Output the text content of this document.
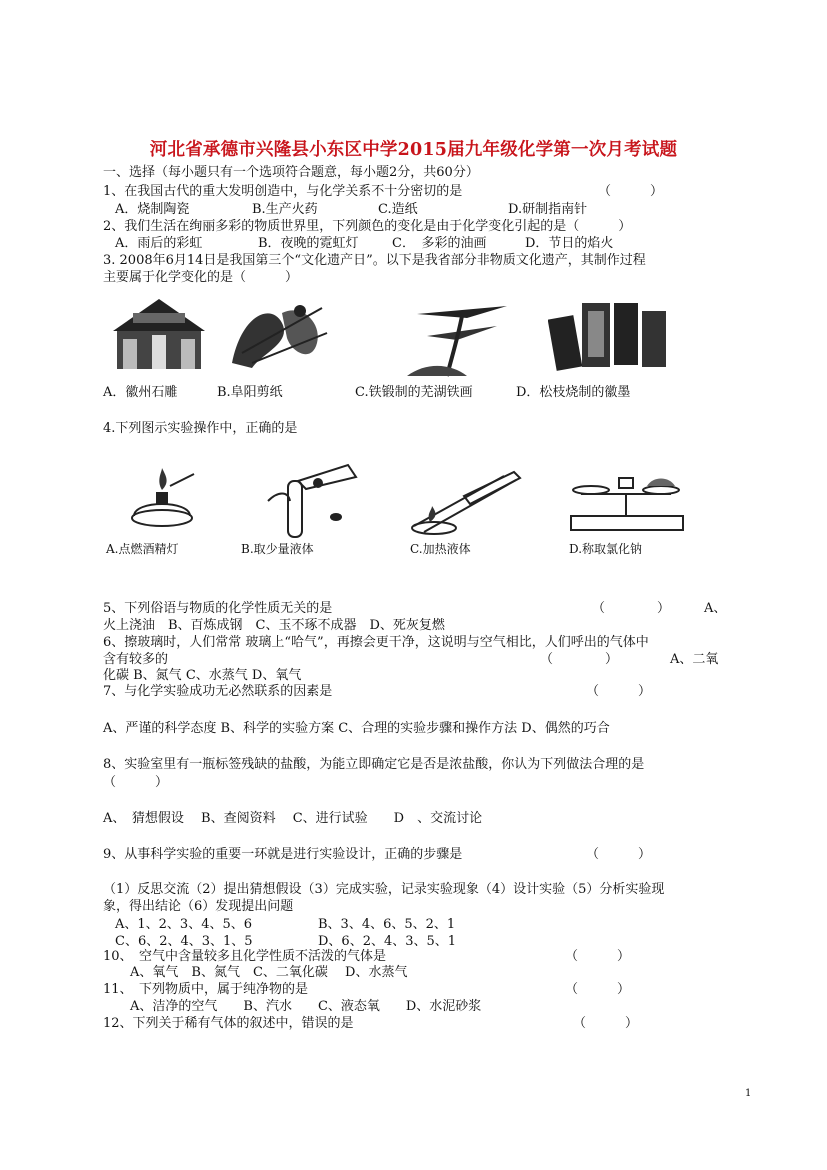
河北省承德市兴隆县小东区中学2015届九年级化学第一次月考试题
一、选择（每小题只有一个选项符合题意，每小题2分，共60分）
1、在我国古代的重大发明创造中，与化学关系不十分密切的是	（　　　）
A．烧制陶瓷	B.生产火药	C.造纸	D.研制指南针
2、我们生活在绚丽多彩的物质世界里，下列颜色的变化是由于化学变化引起的是（　　　）
A．雨后的彩虹	B．夜晚的霓虹灯	C．　多彩的油画	D．节日的焰火
3. 2008年6月14日是我国第三个“文化遗产日”。以下是我省部分非物质文化遗产，其制作过程
主要属于化学变化的是（　　　）
A．徽州石雕	B.阜阳剪纸	C.铁锻制的芜湖铁画	D．松枝烧制的徽墨
4.下列图示实验操作中，正确的是
A.点燃酒精灯	B.取少量液体	C.加热液体	D.称取氯化钠
5、下列俗语与物质的化学性质无关的是	（　　　　）	A、
火上浇油　B、百炼成钢　C、玉不琢不成器　D、死灰复燃
6、擦玻璃时，人们常常 玻璃上“哈气”，再擦会更干净，这说明与空气相比，人们呼出的气体中
含有较多的	（　　　　）	A、二氧
化碳 B、氮气 C、水蒸气 D、氧气
7、与化学实验成功无必然联系的因素是	（　　　）
A、严谨的科学态度 B、科学的实验方案 C、合理的实验步骤和操作方法 D、偶然的巧合
8、实验室里有一瓶标签残缺的盐酸，为能立即确定它是否是浓盐酸，你认为下列做法合理的是
（　　　）
A、　猜想假设　 B、查阅资料　 C、进行试验　　D　、交流讨论
9、从事科学实验的重要一环就是进行实验设计，正确的步骤是	（　　　）
（1）反思交流（2）提出猜想假设（3）完成实验，记录实验现象（4）设计实验（5）分析实验现
象，得出结论（6）发现提出问题
A、1、2、3、4、5、6	B、3、4、6、5、2、1
C、6、2、4、3、1、5	D、6、2、4、3、5、1
10、　空气中含量较多且化学性质不活泼的气体是	（　　　）
A、氧气　B、氮气　C、二氧化碳　 D、水蒸气
11、　下列物质中，属于纯净物的是	（　　　）
A、洁净的空气　　B、汽水　　C、液态氧　　D、水泥砂浆
12、下列关于稀有气体的叙述中，错误的是	（　　　）
1
